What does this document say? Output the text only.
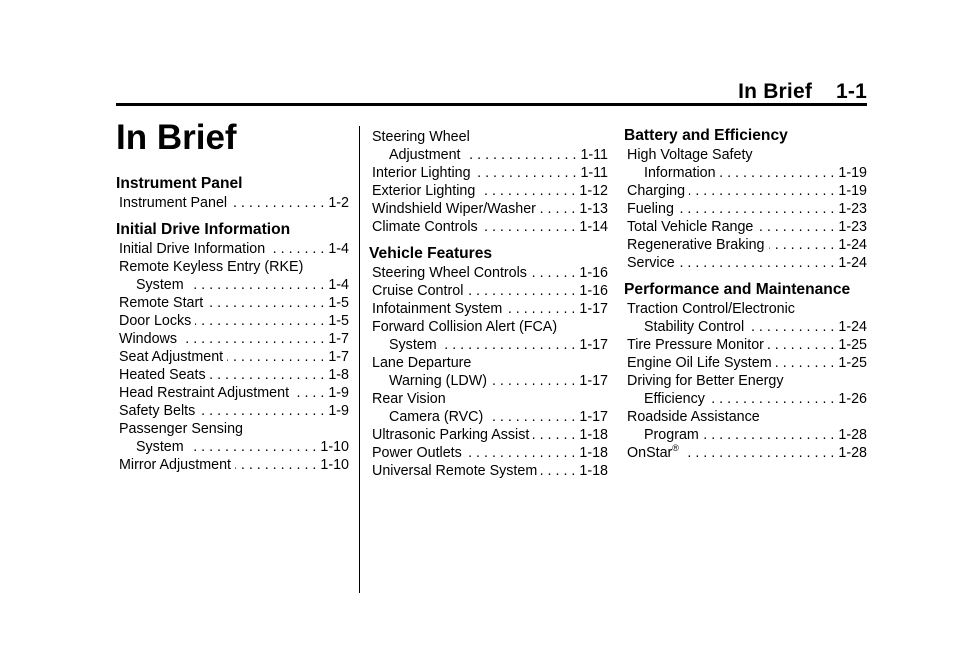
In Brief 1-1
In Brief
Instrument Panel
Instrument Panel . . .	1-2
Initial Drive Information
Initial Drive Information . . .	1-4
Remote Keyless Entry (RKE)
System . . .	1-4
Remote Start . . .	1-5
Door Locks . . .	1-5
Windows . . .	1-7
Seat Adjustment . . .	1-7
Heated Seats . . .	1-8
Head Restraint Adjustment . . .	1-9
Safety Belts . . .	1-9
Passenger Sensing
System . . .	1-10
Mirror Adjustment . . .	1-10
Steering Wheel
Adjustment . . .	1-11
Interior Lighting . . .	1-11
Exterior Lighting . . .	1-12
Windshield Wiper/Washer . . .	1-13
Climate Controls . . .	1-14
Vehicle Features
Steering Wheel Controls . . .	1-16
Cruise Control . . .	1-16
Infotainment System . . .	1-17
Forward Collision Alert (FCA)
System . . .	1-17
Lane Departure
Warning (LDW) . . .	1-17
Rear Vision
Camera (RVC) . . .	1-17
Ultrasonic Parking Assist . . .	1-18
Power Outlets . . .	1-18
Universal Remote System . . .	1-18
Battery and Efficiency
High Voltage Safety
Information . . .	1-19
Charging . . .	1-19
Fueling . . .	1-23
Total Vehicle Range . . .	1-23
Regenerative Braking . . .	1-24
Service . . .	1-24
Performance and Maintenance
Traction Control/Electronic
Stability Control . . .	1-24
Tire Pressure Monitor . . .	1-25
Engine Oil Life System . . .	1-25
Driving for Better Energy
Efficiency . . .	1-26
Roadside Assistance
Program . . .	1-28
OnStar® . . .	1-28
